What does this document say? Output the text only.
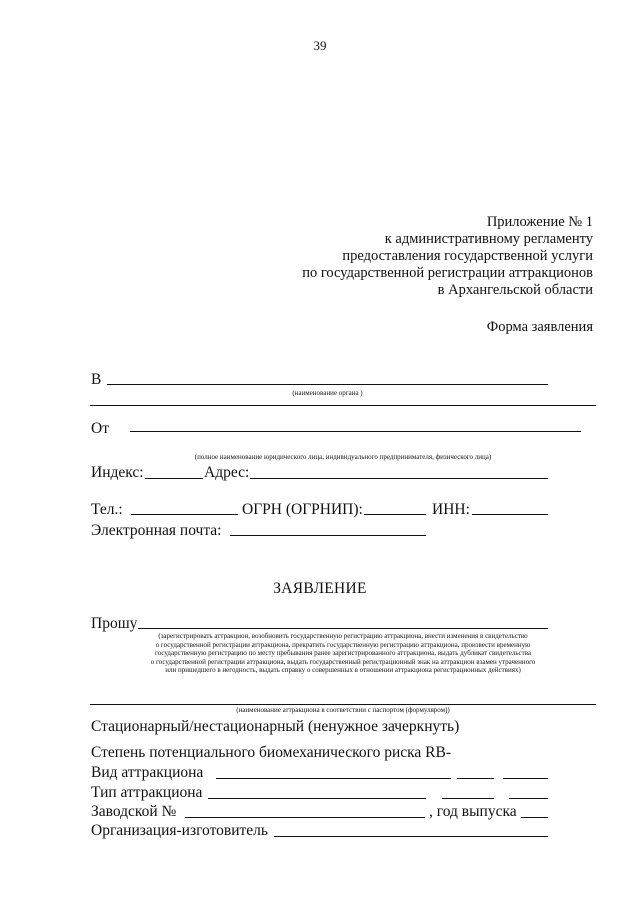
39
Приложение № 1
к административному регламенту
предоставления государственной услуги
по государственной регистрации аттракционов
в Архангельской области
Форма заявления
В
(наименование органа )
От
(полное наименование юридического лица, индивидуального предпринимателя, физического лица)
Индекс:	Адрес:
Тел.:	ОГРН (ОГРНИП):	ИНН:
Электронная почта:
ЗАЯВЛЕНИЕ
Прошу
(зарегистрировать аттракцион, возобновить государственную регистрацию аттракциона, внести изменения в свидетельство
о государственной регистрации аттракциона, прекратить государственную регистрацию аттракциона, произвести временную
государственную регистрацию по месту пребывания ранее зарегистрированного аттракциона, выдать дубликат свидетельства
о государственной регистрации аттракциона, выдать государственный регистрационный знак на аттракцион взамен утраченного
или пришедшего в негодность, выдать справку о совершенных в отношении аттракциона регистрационных действиях)
(наименование аттракциона в соответствии с паспортом (формуляром))
Стационарный/нестационарный (ненужное зачеркнуть)
Степень потенциального биомеханического риска RB-
Вид аттракциона
Тип аттракциона
Заводской №	, год выпуска
Организация-изготовитель
